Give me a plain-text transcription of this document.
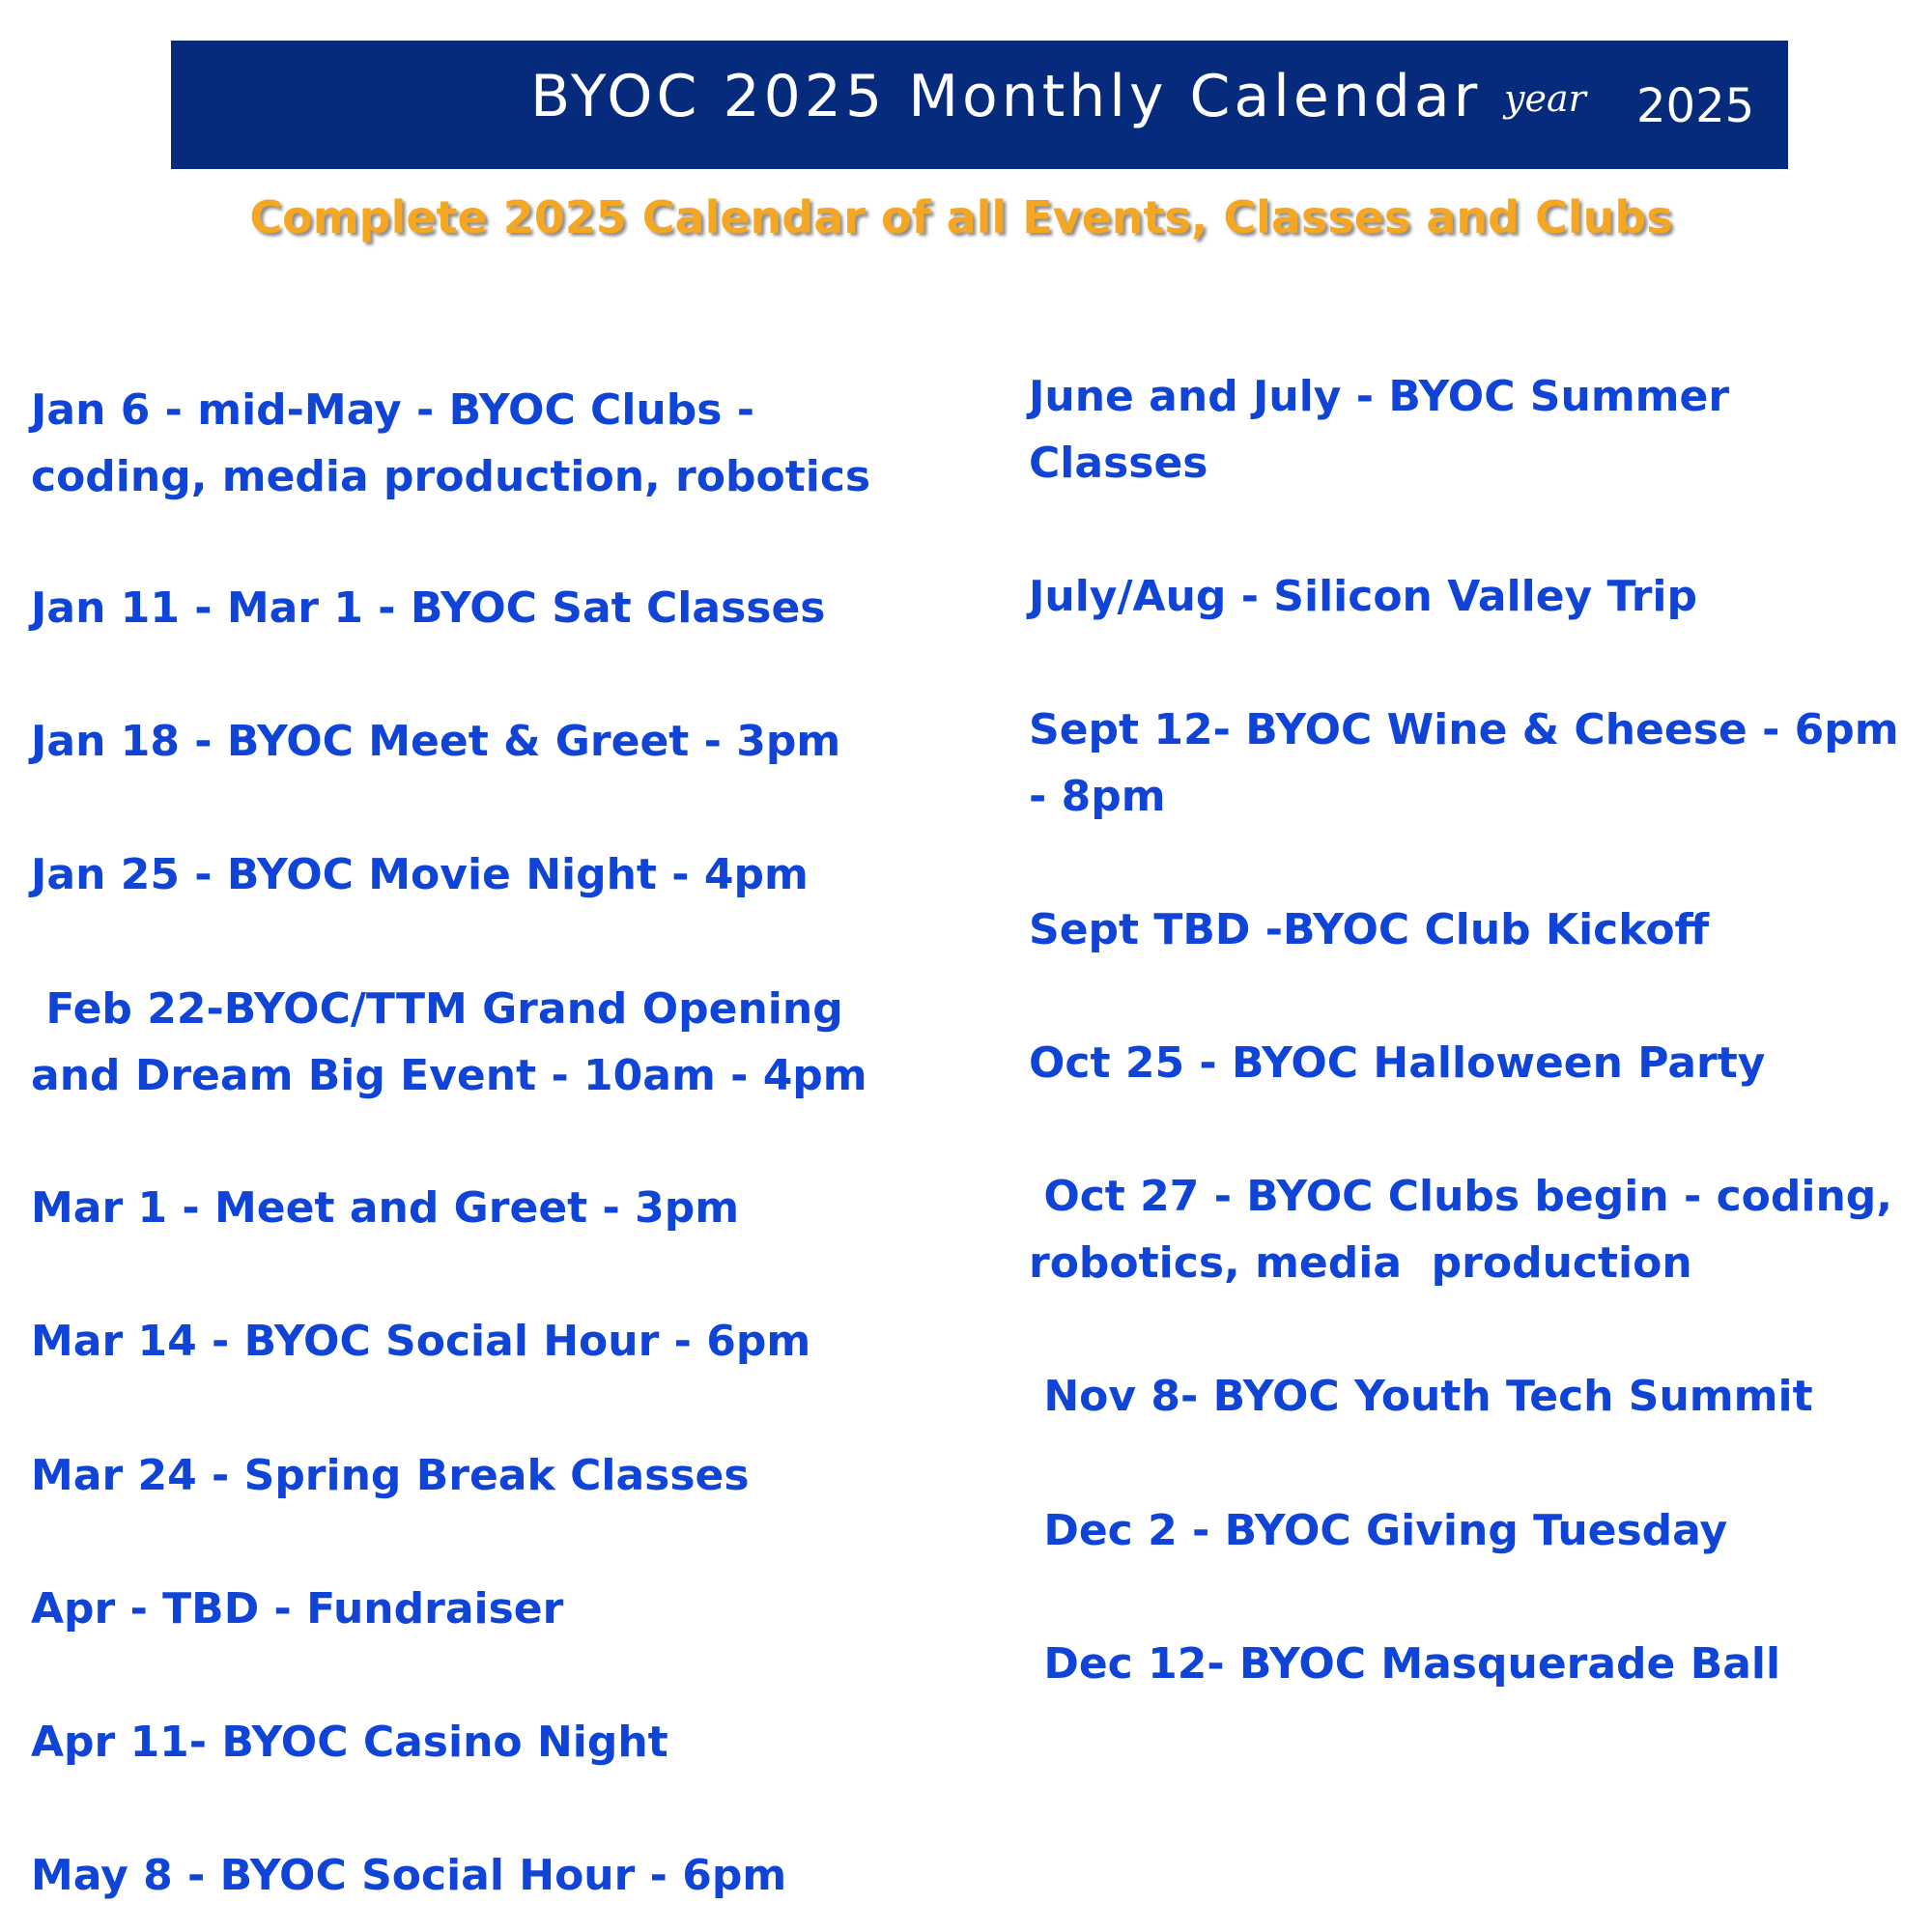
BYOC 2025 Monthly Calendar year 2025
Complete 2025 Calendar of all Events, Classes and Clubs
Jan 6 - mid-May - BYOC Clubs -
coding, media production, robotics
Jan 11 - Mar 1 - BYOC Sat Classes
Jan 18 - BYOC Meet & Greet - 3pm
Jan 25 - BYOC Movie Night - 4pm
Feb 22-BYOC/TTM Grand Opening
and Dream Big Event - 10am - 4pm
Mar 1 - Meet and Greet - 3pm
Mar 14 - BYOC Social Hour - 6pm
Mar 24 - Spring Break Classes
Apr - TBD - Fundraiser
Apr 11- BYOC Casino Night
May 8 - BYOC Social Hour - 6pm
June and July - BYOC Summer
Classes
July/Aug - Silicon Valley Trip
Sept 12- BYOC Wine & Cheese - 6pm
- 8pm
Sept TBD -BYOC Club Kickoff
Oct 25 - BYOC Halloween Party
Oct 27 - BYOC Clubs begin - coding,
robotics, media  production
Nov 8- BYOC Youth Tech Summit
Dec 2 - BYOC Giving Tuesday
Dec 12- BYOC Masquerade Ball
